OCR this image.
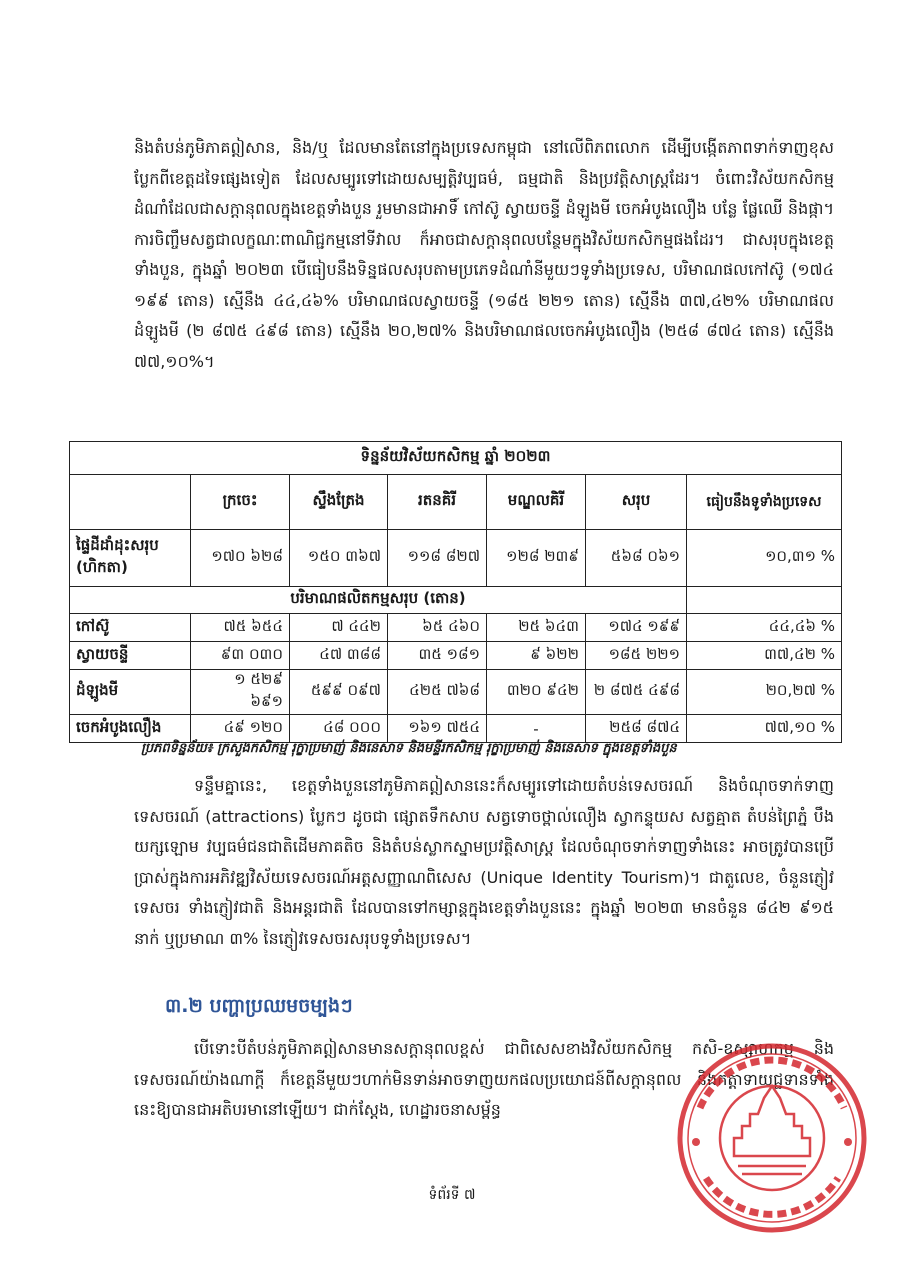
និងតំបន់ភូមិភាគឦសាន, និង/ឬ ដែលមានតែនៅក្នុងប្រទេសកម្ពុជា នៅលើពិភពលោក ដើម្បីបង្កើតភាពទាក់ទាញខុសប្លែកពីខេត្តដទៃផ្សេងទៀត ដែលសម្បូរទៅដោយសម្បត្តិវប្បធម៌, ធម្មជាតិ និងប្រវត្តិសាស្ត្រដែរ។ ចំពោះវិស័យកសិកម្ម ដំណាំដែលជាសក្តានុពលក្នុងខេត្តទាំងបួន រួមមានជាអាទិ៍ កៅស៊ូ ស្វាយចន្ទី ដំឡូងមី ចេកអំបូងលឿង បន្លែ ផ្លែឈើ និងផ្កា។ ការចិញ្ចឹមសត្វជាលក្ខណៈពាណិជ្ជកម្មនៅទីវាល ក៏អាចជាសក្តានុពលបន្ថែមក្នុងវិស័យកសិកម្មផងដែរ។ ជាសរុបក្នុងខេត្តទាំងបួន, ក្នុងឆ្នាំ ២០២៣ បើធៀបនឹងទិន្នផលសរុបតាមប្រភេទដំណាំនីមួយៗទូទាំងប្រទេស, បរិមាណផលកៅស៊ូ (១៧៤ ១៩៩ តោន) ស្មើនឹង ៤៤,៤៦% បរិមាណផលស្វាយចន្ទី (១៨៥ ២២១ តោន) ស្មើនឹង ៣៧,៤២% បរិមាណផលដំឡូងមី (២ ៨៧៥ ៤៩៨ តោន) ស្មើនឹង ២០,២៧% និងបរិមាណផលចេកអំបូងលឿង (២៥៨ ៨៧៤ តោន) ស្មើនឹង ៧៧,១០%។

ទិន្នន័យវិស័យកសិកម្ម ឆ្នាំ ២០២៣						
	ក្រចេះ	ស្ទឹងត្រែង	រតនគិរី	មណ្ឌលគិរី	សរុប	ធៀបនឹងទូទាំងប្រទេស
ផ្ទៃដីដាំដុះសរុប (ហិកតា)	១៧០ ៦២៨	១៥០ ៣៦៧	១១៨ ៨២៧	១២៨ ២៣៩	៥៦៨ ០៦១	១០,៣១ %
បរិមាណផលិតកម្មសរុប (តោន)						
កៅស៊ូ	៧៥ ៦៥៤	៧ ៤៤២	៦៥ ៤៦០	២៥ ៦៤៣	១៧៤ ១៩៩	៤៤,៤៦ %
ស្វាយចន្ទី	៩៣ ០៣០	៤៧ ៣៨៨	៣៥ ១៨១	៩ ៦២២	១៨៥ ២២១	៣៧,៤២ %
ដំឡូងមី	១ ៥២៩ ៦៩១	៥៩៩ ០៩៧	៤២៥ ៧៦៨	៣២០ ៩៤២	២ ៨៧៥ ៤៩៨	២០,២៧ %
ចេកអំបូងលឿង	៤៩ ១២០	៤៨ ០០០	១៦១ ៧៥៤	-	២៥៨ ៨៧៤	៧៧,១០ %

ប្រភពទិន្នន័យ៖ ក្រសួងកសិកម្ម រុក្ខាប្រមាញ់ និងនេសាទ និងមន្ទីរកសិកម្ម រុក្ខាប្រមាញ់ និងនេសាទ ក្នុងខេត្តទាំងបួន

ទន្ទឹមគ្នានេះ, ខេត្តទាំងបួននៅភូមិភាគឦសាននេះក៏សម្បូរទៅដោយតំបន់ទេសចរណ៍ និងចំណុចទាក់ទាញទេសចរណ៍ (attractions) ប្លែកៗ ដូចជា ផ្សោតទឹកសាប សត្វទោចថ្ពាល់លឿង ស្វាកន្ទុយស សត្វគ្មាត តំបន់ព្រៃភ្នំ បឹងយក្សឡោម វប្បធម៌ជនជាតិដើមភាគតិច និងតំបន់ស្លាកស្នាមប្រវត្តិសាស្ត្រ ដែលចំណុចទាក់ទាញទាំងនេះ អាចត្រូវបានប្រើប្រាស់ក្នុងការអភិវឌ្ឍវិស័យទេសចរណ៍អត្តសញ្ញាណពិសេស (Unique Identity Tourism)។ ជាតួលេខ, ចំនួនភ្ញៀវទេសចរ ទាំងភ្ញៀវជាតិ និងអន្តរជាតិ ដែលបានទៅកម្សាន្តក្នុងខេត្តទាំងបួននេះ ក្នុងឆ្នាំ ២០២៣ មានចំនួន ៨៤២ ៩១៥ នាក់ ឬប្រមាណ ៣% នៃភ្ញៀវទេសចរសរុបទូទាំងប្រទេស។

៣.២ បញ្ហាប្រឈមចម្បងៗ

បើទោះបីតំបន់ភូមិភាគឦសានមានសក្តានុពលខ្ពស់ ជាពិសេសខាងវិស័យកសិកម្ម កសិ-ឧស្សាហកម្ម និងទេសចរណ៍យ៉ាងណាក្តី ក៏ខេត្តនីមួយៗហាក់មិនទាន់អាចទាញយកផលប្រយោជន៍ពីសក្តានុពល និងកត្តាទាយជ្ជទានទាំងនេះឱ្យបានជាអតិបរមានៅឡើយ។ ជាក់ស្តែង, ហេដ្ឋារចនាសម្ព័ន្ធ

ទំព័រទី ៧
